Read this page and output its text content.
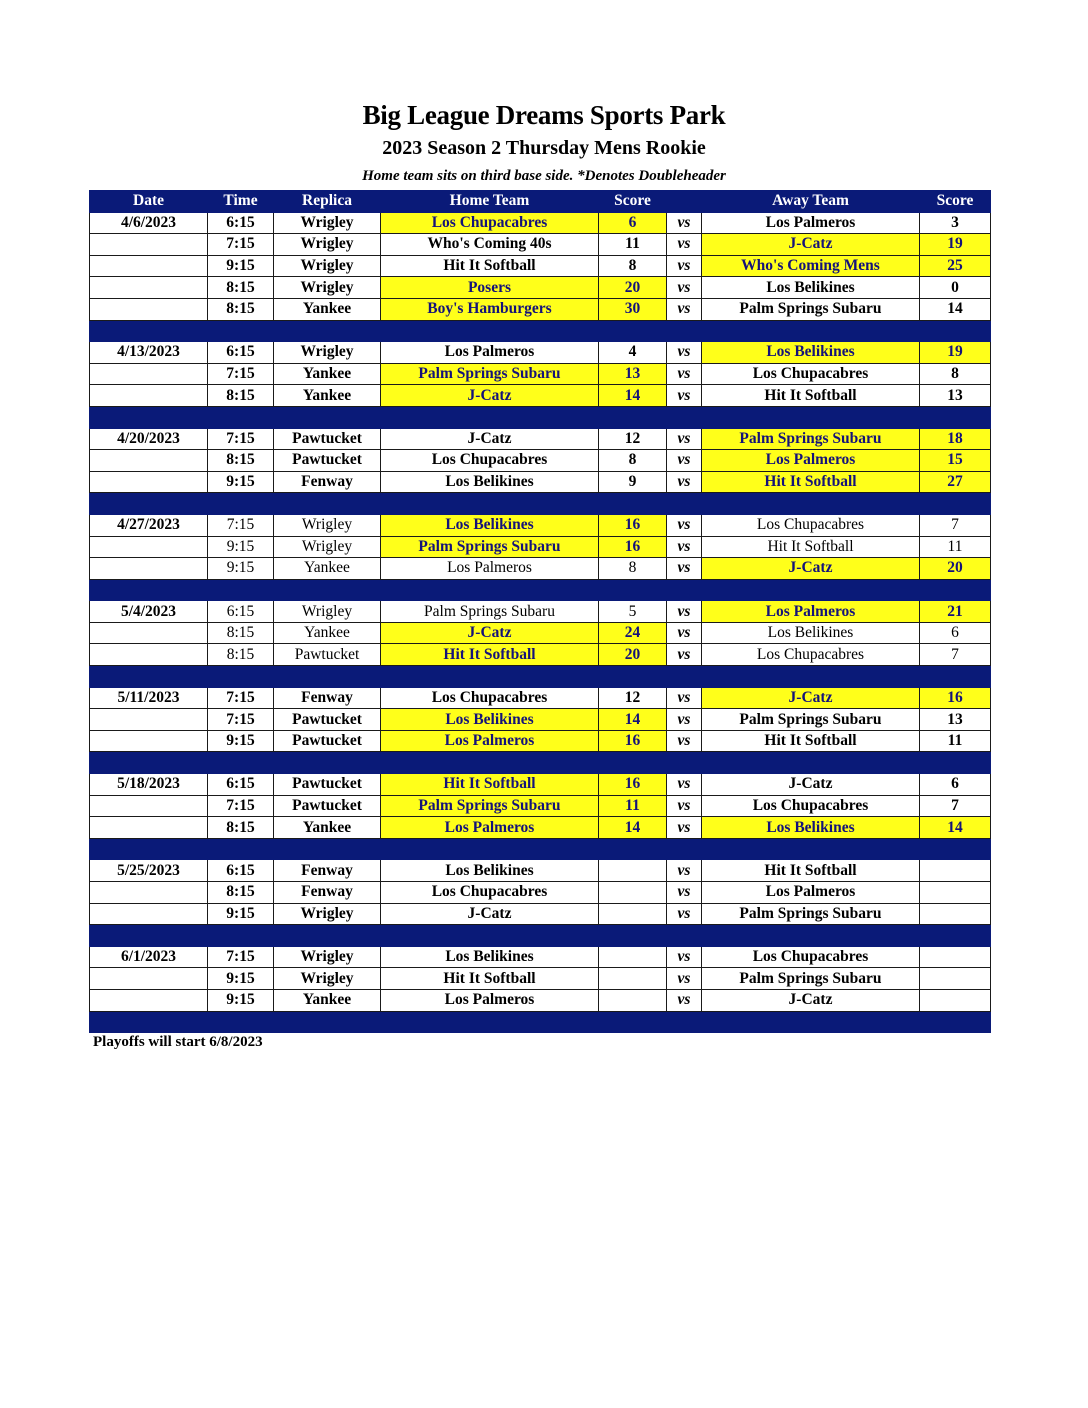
Big League Dreams Sports Park
2023 Season 2 Thursday Mens Rookie
Home team sits on third base side. *Denotes Doubleheader
Date	Time	Replica	Home Team	Score		Away Team	Score
4/6/2023	6:15	Wrigley	Los Chupacabres	6	vs	Los Palmeros	3
	7:15	Wrigley	Who's Coming 40s	11	vs	J-Catz	19
	9:15	Wrigley	Hit It Softball	8	vs	Who's Coming Mens	25
	8:15	Wrigley	Posers	20	vs	Los Belikines	0
	8:15	Yankee	Boy's Hamburgers	30	vs	Palm Springs Subaru	14

4/13/2023	6:15	Wrigley	Los Palmeros	4	vs	Los Belikines	19
	7:15	Yankee	Palm Springs Subaru	13	vs	Los Chupacabres	8
	8:15	Yankee	J-Catz	14	vs	Hit It Softball	13

4/20/2023	7:15	Pawtucket	J-Catz	12	vs	Palm Springs Subaru	18
	8:15	Pawtucket	Los Chupacabres	8	vs	Los Palmeros	15
	9:15	Fenway	Los Belikines	9	vs	Hit It Softball	27

4/27/2023	7:15	Wrigley	Los Belikines	16	vs	Los Chupacabres	7
	9:15	Wrigley	Palm Springs Subaru	16	vs	Hit It Softball	11
	9:15	Yankee	Los Palmeros	8	vs	J-Catz	20

5/4/2023	6:15	Wrigley	Palm Springs Subaru	5	vs	Los Palmeros	21
	8:15	Yankee	J-Catz	24	vs	Los Belikines	6
	8:15	Pawtucket	Hit It Softball	20	vs	Los Chupacabres	7

5/11/2023	7:15	Fenway	Los Chupacabres	12	vs	J-Catz	16
	7:15	Pawtucket	Los Belikines	14	vs	Palm Springs Subaru	13
	9:15	Pawtucket	Los Palmeros	16	vs	Hit It Softball	11

5/18/2023	6:15	Pawtucket	Hit It Softball	16	vs	J-Catz	6
	7:15	Pawtucket	Palm Springs Subaru	11	vs	Los Chupacabres	7
	8:15	Yankee	Los Palmeros	14	vs	Los Belikines	14

5/25/2023	6:15	Fenway	Los Belikines		vs	Hit It Softball	
	8:15	Fenway	Los Chupacabres		vs	Los Palmeros	
	9:15	Wrigley	J-Catz		vs	Palm Springs Subaru	

6/1/2023	7:15	Wrigley	Los Belikines		vs	Los Chupacabres	
	9:15	Wrigley	Hit It Softball		vs	Palm Springs Subaru	
	9:15	Yankee	Los Palmeros		vs	J-Catz	

Playoffs will start 6/8/2023
